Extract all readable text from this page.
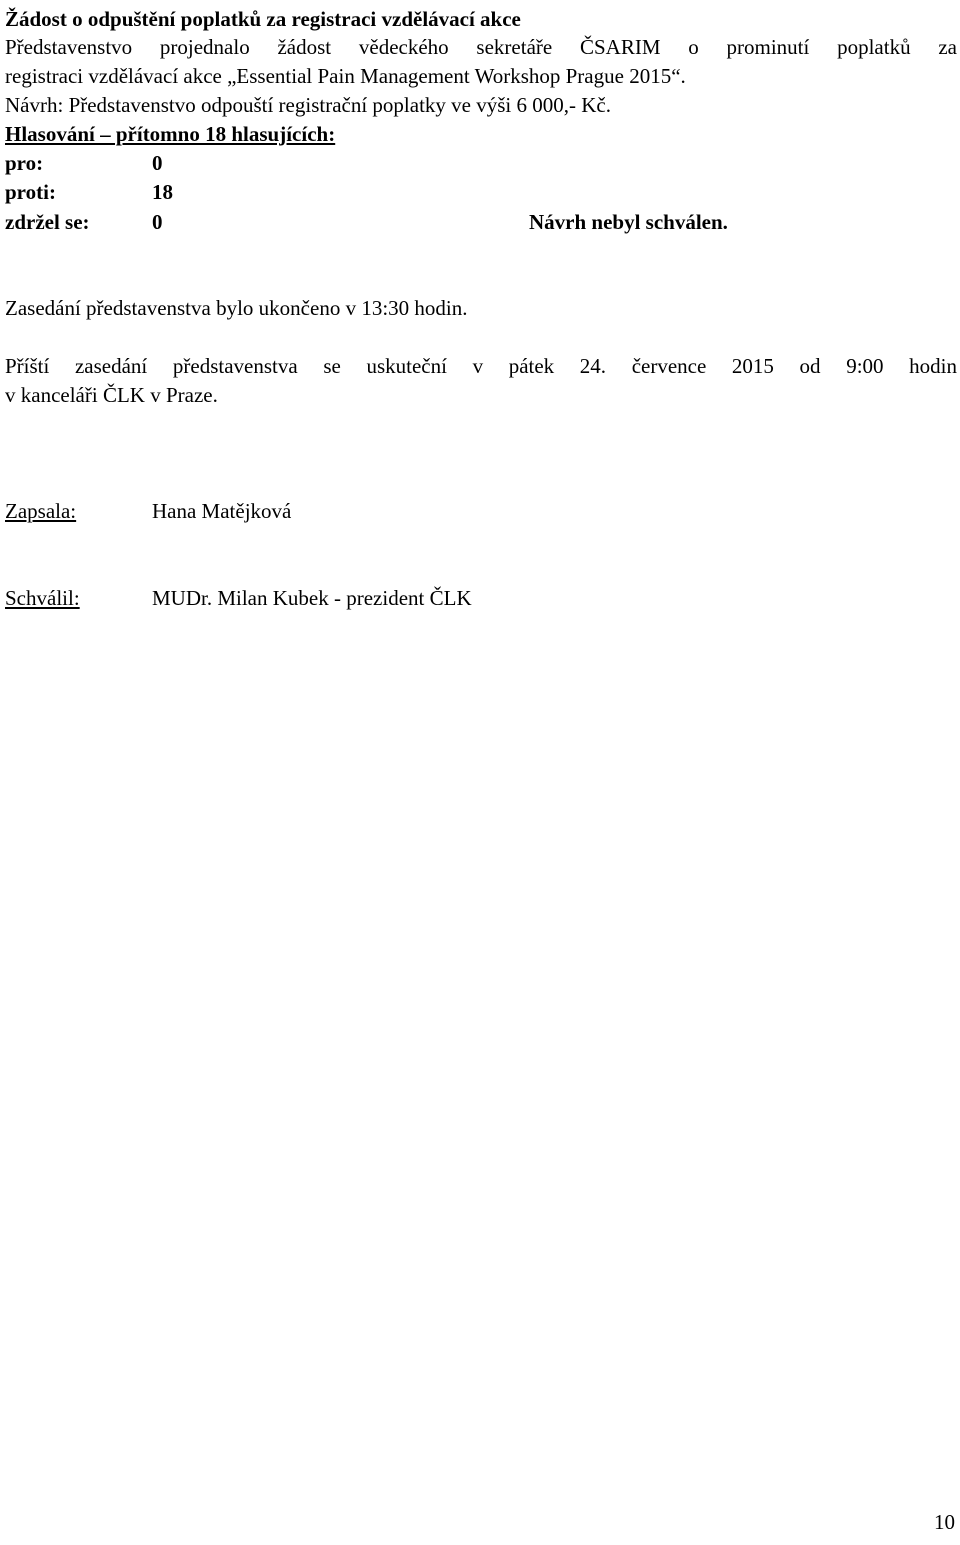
Žádost o odpuštění poplatků za registraci vzdělávací akce
Představenstvo projednalo žádost vědeckého sekretáře ČSARIM o prominutí poplatků za
registraci vzdělávací akce „Essential Pain Management Workshop Prague 2015“.
Návrh: Představenstvo odpouští registrační poplatky ve výši 6 000,- Kč.
Hlasování – přítomno 18 hlasujících:
pro:	0
proti:	18
zdržel se:	0	Návrh nebyl schválen.
Zasedání představenstva bylo ukončeno v 13:30 hodin.
Příští zasedání představenstva se uskuteční v pátek 24. července 2015 od 9:00 hodin
v kanceláři ČLK v Praze.
Zapsala:	Hana Matějková
Schválil:	MUDr. Milan Kubek - prezident ČLK
10
